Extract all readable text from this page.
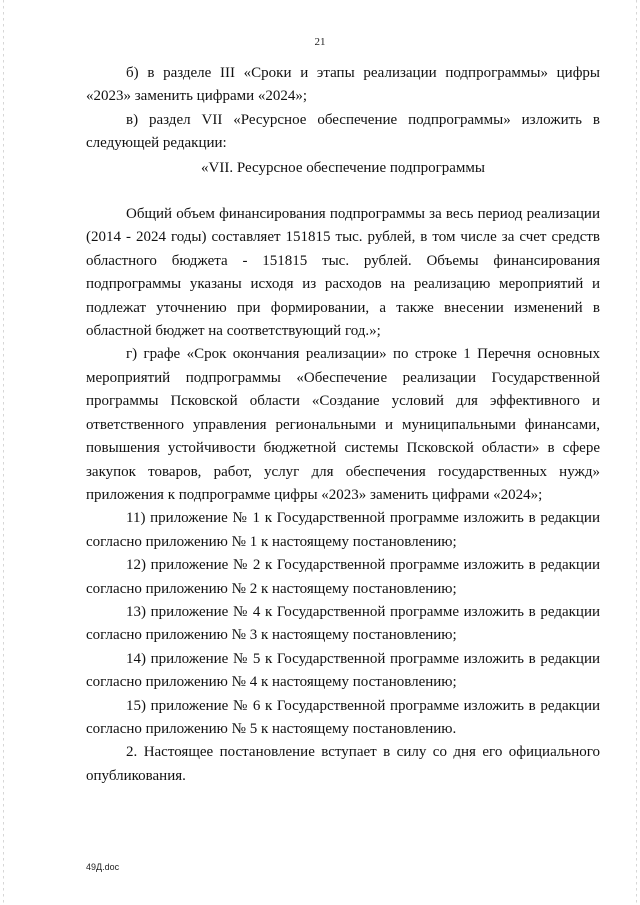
21

б) в разделе III «Сроки и этапы реализации подпрограммы» цифры «2023» заменить цифрами «2024»;

в) раздел VII «Ресурсное обеспечение подпрограммы» изложить в следующей редакции:

«VII. Ресурсное обеспечение подпрограммы

Общий объем финансирования подпрограммы за весь период реализации (2014 - 2024 годы) составляет 151815 тыс. рублей, в том числе за счет средств областного бюджета - 151815 тыс. рублей. Объемы финансирования подпрограммы указаны исходя из расходов на реализацию мероприятий и подлежат уточнению при формировании, а также внесении изменений в областной бюджет на соответствующий год.»;

г) графе «Срок окончания реализации» по строке 1 Перечня основных мероприятий подпрограммы «Обеспечение реализации Государственной программы Псковской области «Создание условий для эффективного и ответственного управления региональными и муниципальными финансами, повышения устойчивости бюджетной системы Псковской области» в сфере закупок товаров, работ, услуг для обеспечения государственных нужд» приложения к подпрограмме цифры «2023» заменить цифрами «2024»;

11) приложение № 1 к Государственной программе изложить в редакции согласно приложению № 1 к настоящему постановлению;

12) приложение № 2 к Государственной программе изложить в редакции согласно приложению № 2 к настоящему постановлению;

13) приложение № 4 к Государственной программе изложить в редакции согласно приложению № 3 к настоящему постановлению;

14) приложение № 5 к Государственной программе изложить в редакции согласно приложению № 4 к настоящему постановлению;

15) приложение № 6 к Государственной программе изложить в редакции согласно приложению № 5 к настоящему постановлению.

2. Настоящее постановление вступает в силу со дня его официального опубликования.

49Д.doc
